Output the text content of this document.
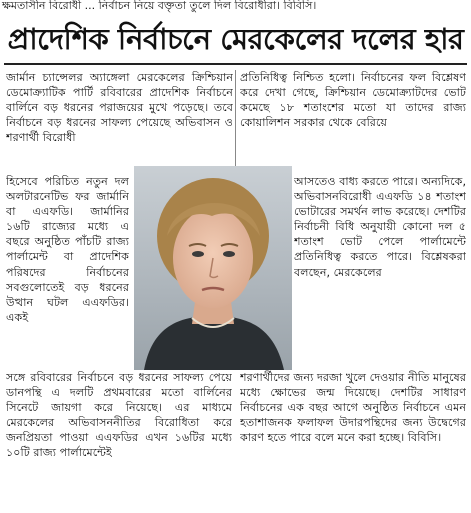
ক্ষমতাসীন বিরোধী ... নির্বাচন নিয়ে বক্তৃতা তুলে দিল বিরোধীরা। বিবিসি।
প্রাদেশিক নির্বাচনে মেরকেলের দলের হার

জার্মান চ্যান্সেলর অ্যাঙ্গেলা মেরকেলের ক্রিশ্চিয়ান ডেমোক্র্যাটিক পার্টি রবিবারের প্রাদেশিক নির্বাচনে বার্লিনে বড় ধরনের পরাজয়ের মুখে পড়েছে। তবে নির্বাচনে বড় ধরনের সাফল্য পেয়েছে অভিবাসন ও শরণার্থী বিরোধী

হিসেবে পরিচিত নতুন দল অলটারনেটিভ ফর জার্মানি বা এএফডি। জার্মানির ১৬টি রাজ্যের মধ্যে এ বছরে অনুষ্ঠিত পাঁচটি রাজ্য পার্লামেন্ট বা প্রাদেশিক পরিষদের নির্বাচনের সবগুলোতেই বড় ধরনের উত্থান ঘটল এএফডির। একই

সঙ্গে রবিবারের নির্বাচনে বড় ধরনের সাফল্য পেয়ে ডানপন্থি এ দলটি প্রথমবারের মতো বার্লিনের সিনেটে জায়গা করে নিয়েছে। এর মাধ্যমে মেরকেলের অভিবাসননীতির বিরোধিতা করে জনপ্রিয়তা পাওয়া এএফডির এখন ১৬টির মধ্যে ১০টি রাজ্য পার্লামেন্টেই

প্রতিনিধিত্ব নিশ্চিত হলো। নির্বাচনের ফল বিশ্লেষণ করে দেখা গেছে, ক্রিশ্চিয়ান ডেমোক্র্যাটদের ভোট কমেছে ১৮ শতাংশের মতো যা তাদের রাজ্য কোয়ালিশন সরকার থেকে বেরিয়ে

আসতেও বাধ্য করতে পারে। অন্যদিকে, অভিবাসনবিরোধী এএফডি ১৪ শতাংশ ভোটারের সমর্থন লাভ করেছে। দেশটির নির্বাচনী বিধি অনুযায়ী কোনো দল ৫ শতাংশ ভোট পেলে পার্লামেন্টে প্রতিনিধিত্ব করতে পারে। বিশ্লেষকরা বলছেন, মেরকেলের

শরণার্থীদের জন্য দরজা খুলে দেওয়ার নীতি মানুষের মধ্যে ক্ষোভের জন্ম দিয়েছে। দেশটির সাধারণ নির্বাচনের এক বছর আগে অনুষ্ঠিত নির্বাচনে এমন হতাশাজনক ফলাফল উদারপন্থিদের জন্য উদ্বেগের কারণ হতে পারে বলে মনে করা হচ্ছে। বিবিসি।
